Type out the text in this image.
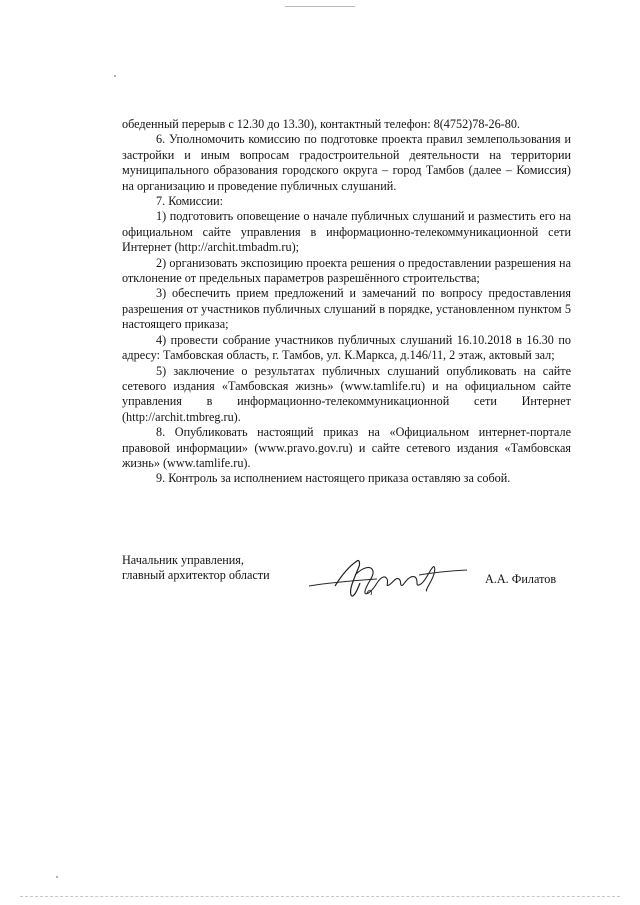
обеденный перерыв с 12.30 до 13.30), контактный телефон: 8(4752)78-26-80.

6. Уполномочить комиссию по подготовке проекта правил землепользования и застройки и иным вопросам градостроительной деятельности на территории муниципального образования городского округа – город Тамбов (далее – Комиссия) на организацию и проведение публичных слушаний.

7. Комиссии:

1) подготовить оповещение о начале публичных слушаний и разместить его на официальном сайте управления в информационно-телекоммуникационной сети Интернет (http://archit.tmbadm.ru);

2) организовать экспозицию проекта решения о предоставлении разрешения на отклонение от предельных параметров разрешённого строительства;

3) обеспечить прием предложений и замечаний по вопросу предоставления разрешения от участников публичных слушаний в порядке, установленном пунктом 5 настоящего приказа;

4) провести собрание участников публичных слушаний 16.10.2018 в 16.30 по адресу: Тамбовская область, г. Тамбов, ул. К.Маркса, д.146/11, 2 этаж, актовый зал;

5) заключение о результатах публичных слушаний опубликовать на сайте сетевого издания «Тамбовская жизнь» (www.tamlife.ru) и на официальном сайте управления в информационно-телекоммуникационной сети Интернет (http://archit.tmbreg.ru).

8. Опубликовать настоящий приказ на «Официальном интернет-портале правовой информации» (www.pravo.gov.ru) и сайте сетевого издания «Тамбовская жизнь» (www.tamlife.ru).

9. Контроль за исполнением настоящего приказа оставляю за собой.

Начальник управления,
главный архитектор области	А.А. Филатов
